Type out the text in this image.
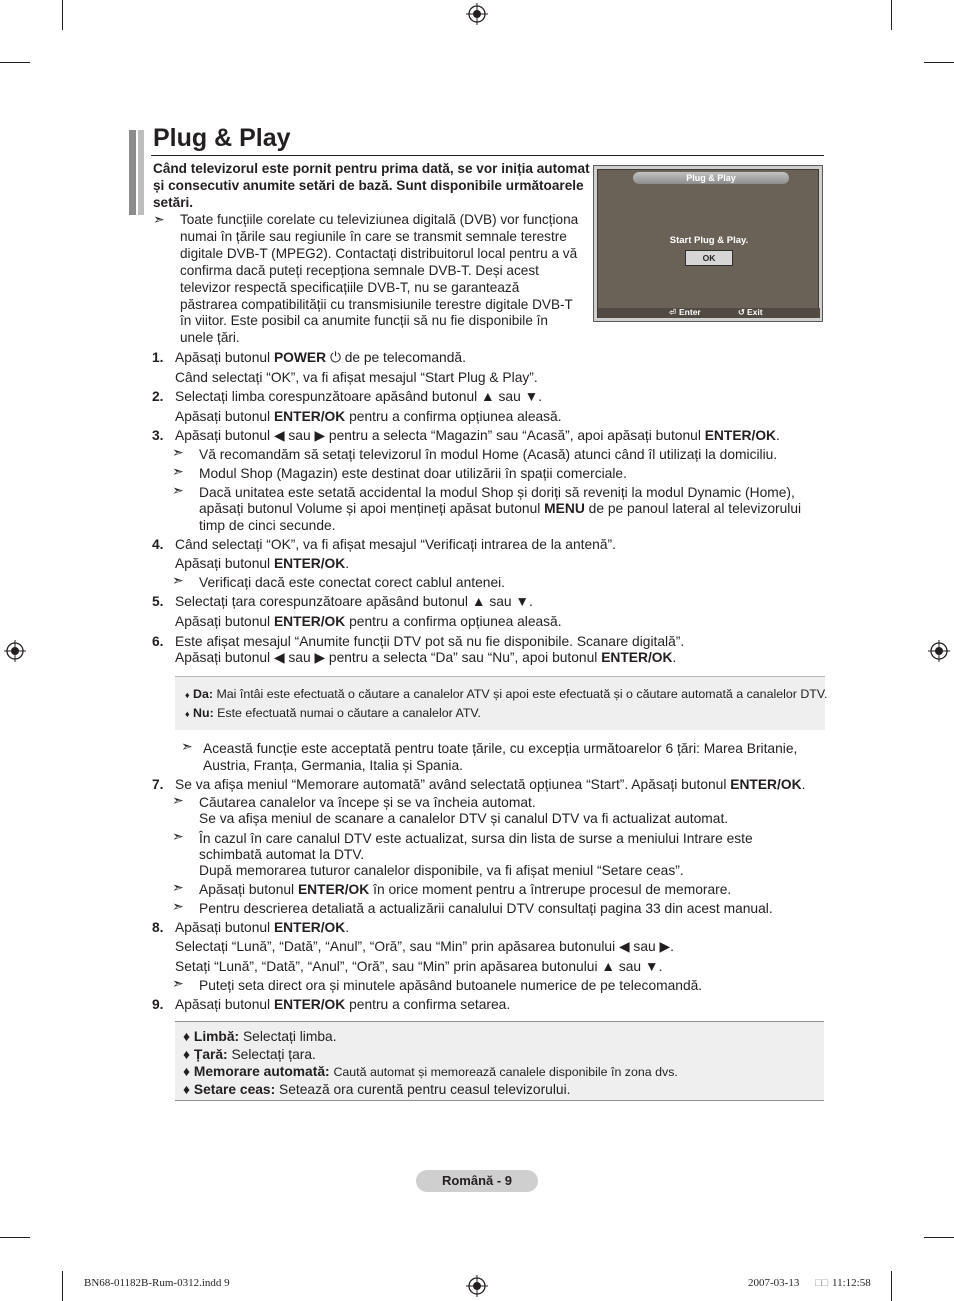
Plug & Play
Când televizorul este pornit pentru prima dată, se vor iniția automat și consecutiv anumite setări de bază. Sunt disponibile următoarele setări.
➣ Toate funcțiile corelate cu televiziunea digitală (DVB) vor funcționa numai în țările sau regiunile în care se transmit semnale terestre digitale DVB-T (MPEG2). Contactați distribuitorul local pentru a vă confirma dacă puteți recepționa semnale DVB-T. Deși acest televizor respectă specificațiile DVB-T, nu se garantează păstrarea compatibilității cu transmisiunile terestre digitale DVB-T în viitor. Este posibil ca anumite funcții să nu fie disponibile în unele țări.
Plug & Play
Start Plug & Play.
OK
⏎ Enter	↺ Exit
1. Apăsați butonul POWER ⏻ de pe telecomandă.
Când selectați “OK”, va fi afișat mesajul “Start Plug & Play”.
2. Selectați limba corespunzătoare apăsând butonul ▲ sau ▼.
Apăsați butonul ENTER/OK pentru a confirma opțiunea aleasă.
3. Apăsați butonul ◀ sau ▶ pentru a selecta “Magazin” sau “Acasă”, apoi apăsați butonul ENTER/OK.
➣ Vă recomandăm să setați televizorul în modul Home (Acasă) atunci când îl utilizați la domiciliu.
➣ Modul Shop (Magazin) este destinat doar utilizării în spații comerciale.
➣ Dacă unitatea este setată accidental la modul Shop și doriți să reveniți la modul Dynamic (Home),
apăsați butonul Volume și apoi mențineți apăsat butonul MENU de pe panoul lateral al televizorului
timp de cinci secunde.
4. Când selectați “OK”, va fi afișat mesajul “Verificați intrarea de la antenă”.
Apăsați butonul ENTER/OK.
➣ Verificați dacă este conectat corect cablul antenei.
5. Selectați țara corespunzătoare apăsând butonul ▲ sau ▼.
Apăsați butonul ENTER/OK pentru a confirma opțiunea aleasă.
6. Este afișat mesajul “Anumite funcții DTV pot să nu fie disponibile. Scanare digitală”.
Apăsați butonul ◀ sau ▶ pentru a selecta “Da” sau “Nu”, apoi butonul ENTER/OK.
♦ Da: Mai întâi este efectuată o căutare a canalelor ATV și apoi este efectuată și o căutare automată a canalelor DTV.
♦ Nu: Este efectuată numai o căutare a canalelor ATV.
➣ Această funcție este acceptată pentru toate țările, cu excepția următoarelor 6 țări: Marea Britanie,
Austria, Franța, Germania, Italia și Spania.
7. Se va afișa meniul “Memorare automată” având selectată opțiunea “Start”. Apăsați butonul ENTER/OK.
➣ Căutarea canalelor va începe și se va încheia automat.
Se va afișa meniul de scanare a canalelor DTV și canalul DTV va fi actualizat automat.
➣ În cazul în care canalul DTV este actualizat, sursa din lista de surse a meniului Intrare este
schimbată automat la DTV.
După memorarea tuturor canalelor disponibile, va fi afișat meniul “Setare ceas”.
➣ Apăsați butonul ENTER/OK în orice moment pentru a întrerupe procesul de memorare.
➣ Pentru descrierea detaliată a actualizării canalului DTV consultați pagina 33 din acest manual.
8. Apăsați butonul ENTER/OK.
Selectați “Lună”, “Dată”, “Anul”, “Oră”, sau “Min” prin apăsarea butonului ◀ sau ▶.
Setați “Lună”, “Dată”, “Anul”, “Oră”, sau “Min” prin apăsarea butonului ▲ sau ▼.
➣ Puteți seta direct ora și minutele apăsând butoanele numerice de pe telecomandă.
9. Apăsați butonul ENTER/OK pentru a confirma setarea.
♦ Limbă: Selectați limba.
♦ Țară: Selectați țara.
♦ Memorare automată: Caută automat și memorează canalele disponibile în zona dvs.
♦ Setare ceas: Setează ora curentă pentru ceasul televizorului.
Română - 9
BN68-01182B-Rum-0312.indd 9	2007-03-13 □□ 11:12:58
